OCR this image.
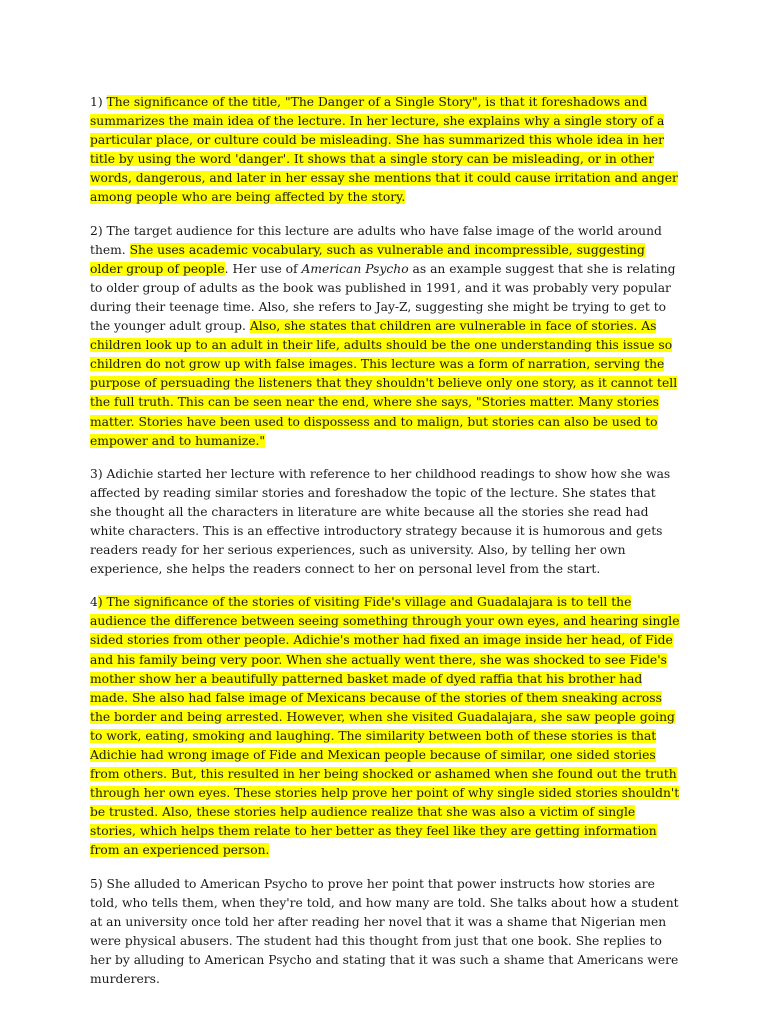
1) The significance of the title, "The Danger of a Single Story", is that it foreshadows and summarizes the main idea of the lecture. In her lecture, she explains why a single story of a particular place, or culture could be misleading. She has summarized this whole idea in her title by using the word 'danger'. It shows that a single story can be misleading, or in other words, dangerous, and later in her essay she mentions that it could cause irritation and anger among people who are being affected by the story.

2) The target audience for this lecture are adults who have false image of the world around them. She uses academic vocabulary, such as vulnerable and incompressible, suggesting older group of people. Her use of American Psycho as an example suggest that she is relating to older group of adults as the book was published in 1991, and it was probably very popular during their teenage time. Also, she refers to Jay-Z, suggesting she might be trying to get to the younger adult group. Also, she states that children are vulnerable in face of stories. As children look up to an adult in their life, adults should be the one understanding this issue so children do not grow up with false images. This lecture was a form of narration, serving the purpose of persuading the listeners that they shouldn't believe only one story, as it cannot tell the full truth. This can be seen near the end, where she says, "Stories matter. Many stories matter. Stories have been used to dispossess and to malign, but stories can also be used to empower and to humanize."

3) Adichie started her lecture with reference to her childhood readings to show how she was affected by reading similar stories and foreshadow the topic of the lecture. She states that she thought all the characters in literature are white because all the stories she read had white characters. This is an effective introductory strategy because it is humorous and gets readers ready for her serious experiences, such as university. Also, by telling her own experience, she helps the readers connect to her on personal level from the start.

4) The significance of the stories of visiting Fide's village and Guadalajara is to tell the audience the difference between seeing something through your own eyes, and hearing single sided stories from other people. Adichie's mother had fixed an image inside her head, of Fide and his family being very poor. When she actually went there, she was shocked to see Fide's mother show her a beautifully patterned basket made of dyed raffia that his brother had made. She also had false image of Mexicans because of the stories of them sneaking across the border and being arrested. However, when she visited Guadalajara, she saw people going to work, eating, smoking and laughing. The similarity between both of these stories is that Adichie had wrong image of Fide and Mexican people because of similar, one sided stories from others. But, this resulted in her being shocked or ashamed when she found out the truth through her own eyes. These stories help prove her point of why single sided stories shouldn't be trusted. Also, these stories help audience realize that she was also a victim of single stories, which helps them relate to her better as they feel like they are getting information from an experienced person.

5) She alluded to American Psycho to prove her point that power instructs how stories are told, who tells them, when they're told, and how many are told. She talks about how a student at an university once told her after reading her novel that it was a shame that Nigerian men were physical abusers. The student had this thought from just that one book. She replies to her by alluding to American Psycho and stating that it was such a shame that Americans were murderers.
